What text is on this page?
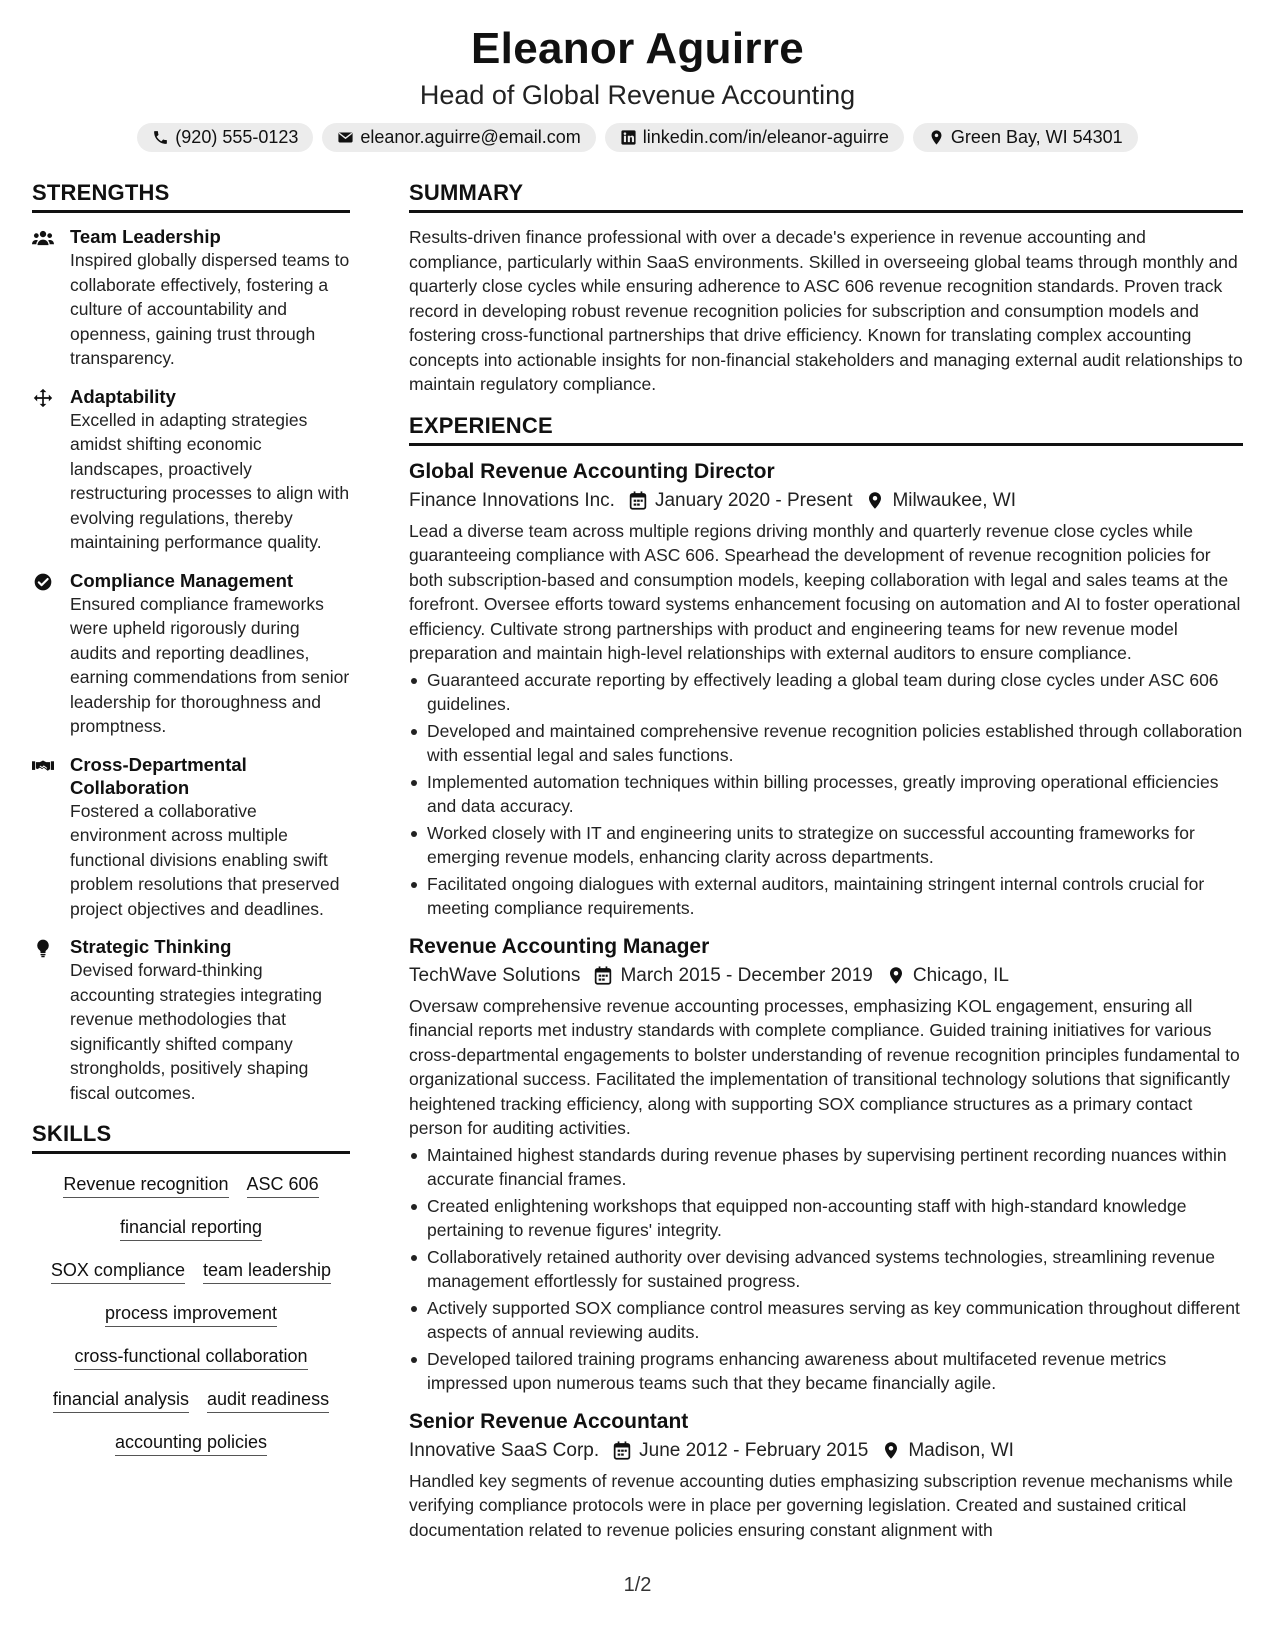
Eleanor Aguirre
Head of Global Revenue Accounting
(920) 555-0123	eleanor.aguirre@email.com	linkedin.com/in/eleanor-aguirre	Green Bay, WI 54301
STRENGTHS
Team Leadership
Inspired globally dispersed teams to collaborate effectively, fostering a culture of accountability and openness, gaining trust through transparency.
Adaptability
Excelled in adapting strategies amidst shifting economic landscapes, proactively restructuring processes to align with evolving regulations, thereby maintaining performance quality.
Compliance Management
Ensured compliance frameworks were upheld rigorously during audits and reporting deadlines, earning commendations from senior leadership for thoroughness and promptness.
Cross-Departmental Collaboration
Fostered a collaborative environment across multiple functional divisions enabling swift problem resolutions that preserved project objectives and deadlines.
Strategic Thinking
Devised forward-thinking accounting strategies integrating revenue methodologies that significantly shifted company strongholds, positively shaping fiscal outcomes.
SKILLS
Revenue recognition ASC 606
financial reporting
SOX compliance team leadership
process improvement
cross-functional collaboration
financial analysis audit readiness
accounting policies
SUMMARY

Results-driven finance professional with over a decade's experience in revenue accounting and compliance, particularly within SaaS environments. Skilled in overseeing global teams through monthly and quarterly close cycles while ensuring adherence to ASC 606 revenue recognition standards. Proven track record in developing robust revenue recognition policies for subscription and consumption models and fostering cross-functional partnerships that drive efficiency. Known for translating complex accounting concepts into actionable insights for non-financial stakeholders and managing external audit relationships to maintain regulatory compliance.

EXPERIENCE
Global Revenue Accounting Director
Finance Innovations Inc. January 2020 - Present Milwaukee, WI

Lead a diverse team across multiple regions driving monthly and quarterly revenue close cycles while guaranteeing compliance with ASC 606. Spearhead the development of revenue recognition policies for both subscription-based and consumption models, keeping collaboration with legal and sales teams at the forefront. Oversee efforts toward systems enhancement focusing on automation and AI to foster operational efficiency. Cultivate strong partnerships with product and engineering teams for new revenue model preparation and maintain high-level relationships with external auditors to ensure compliance.

Guaranteed accurate reporting by effectively leading a global team during close cycles under ASC 606 guidelines.
Developed and maintained comprehensive revenue recognition policies established through collaboration with essential legal and sales functions.
Implemented automation techniques within billing processes, greatly improving operational efficiencies and data accuracy.
Worked closely with IT and engineering units to strategize on successful accounting frameworks for emerging revenue models, enhancing clarity across departments.
Facilitated ongoing dialogues with external auditors, maintaining stringent internal controls crucial for meeting compliance requirements.
Revenue Accounting Manager
TechWave Solutions March 2015 - December 2019 Chicago, IL

Oversaw comprehensive revenue accounting processes, emphasizing KOL engagement, ensuring all financial reports met industry standards with complete compliance. Guided training initiatives for various cross-departmental engagements to bolster understanding of revenue recognition principles fundamental to organizational success. Facilitated the implementation of transitional technology solutions that significantly heightened tracking efficiency, along with supporting SOX compliance structures as a primary contact person for auditing activities.

Maintained highest standards during revenue phases by supervising pertinent recording nuances within accurate financial frames.
Created enlightening workshops that equipped non-accounting staff with high-standard knowledge pertaining to revenue figures' integrity.
Collaboratively retained authority over devising advanced systems technologies, streamlining revenue management effortlessly for sustained progress.
Actively supported SOX compliance control measures serving as key communication throughout different aspects of annual reviewing audits.
Developed tailored training programs enhancing awareness about multifaceted revenue metrics impressed upon numerous teams such that they became financially agile.
Senior Revenue Accountant
Innovative SaaS Corp. June 2012 - February 2015 Madison, WI

Handled key segments of revenue accounting duties emphasizing subscription revenue mechanisms while verifying compliance protocols were in place per governing legislation. Created and sustained critical documentation related to revenue policies ensuring constant alignment with

1/2
